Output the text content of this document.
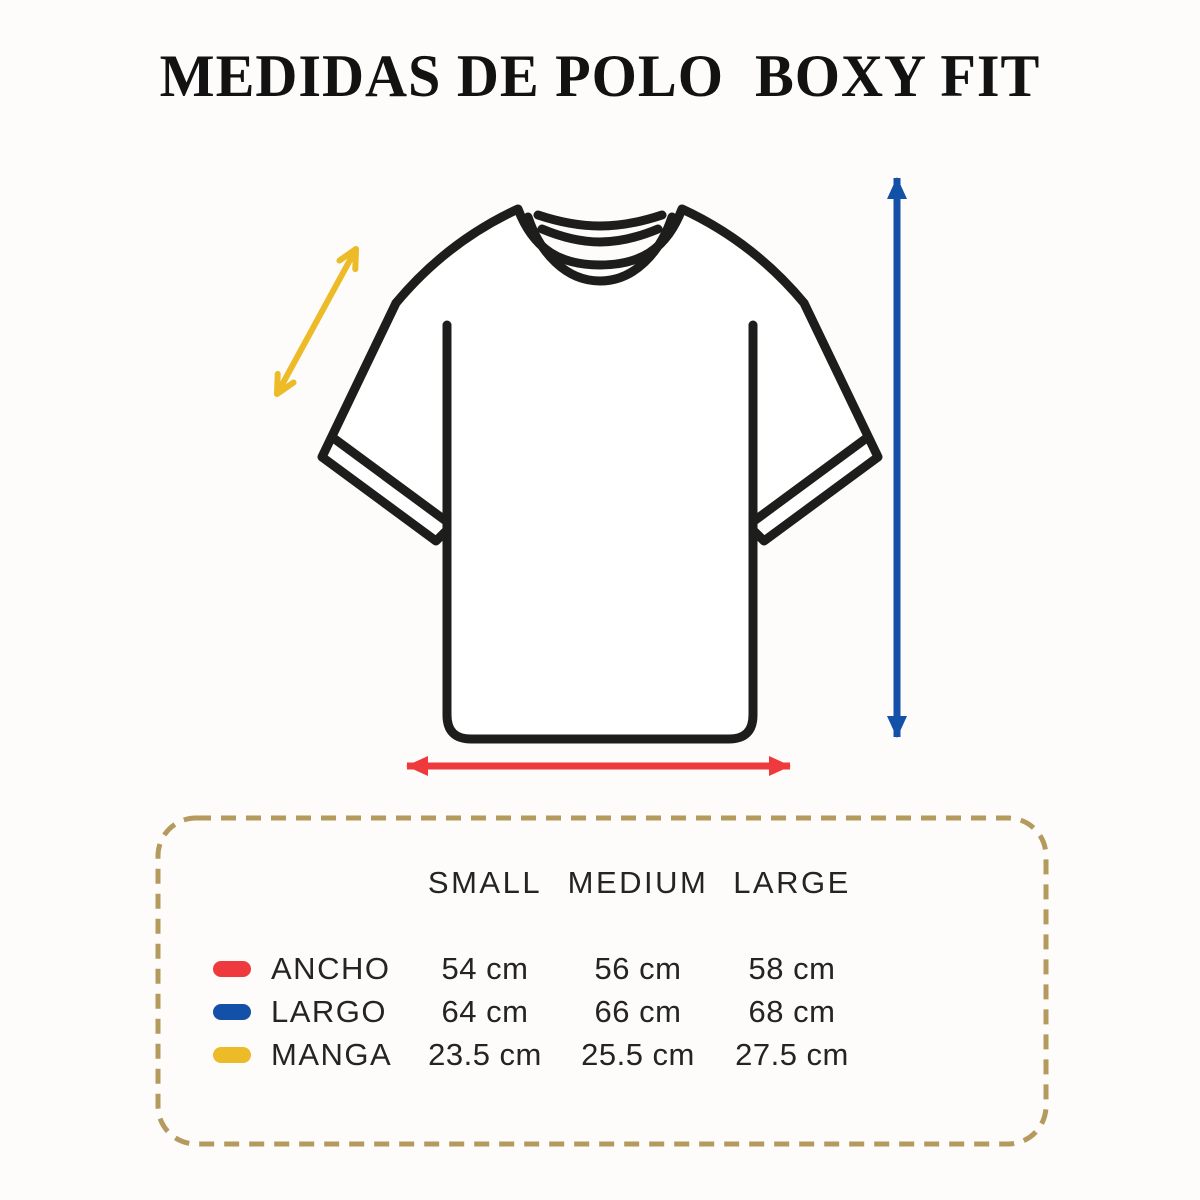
MEDIDAS DE POLO  BOXY FIT
SMALL MEDIUM LARGE
ANCHO	54 cm	56 cm	58 cm
LARGO	64 cm	66 cm	68 cm
MANGA	23.5 cm	25.5 cm	27.5 cm
